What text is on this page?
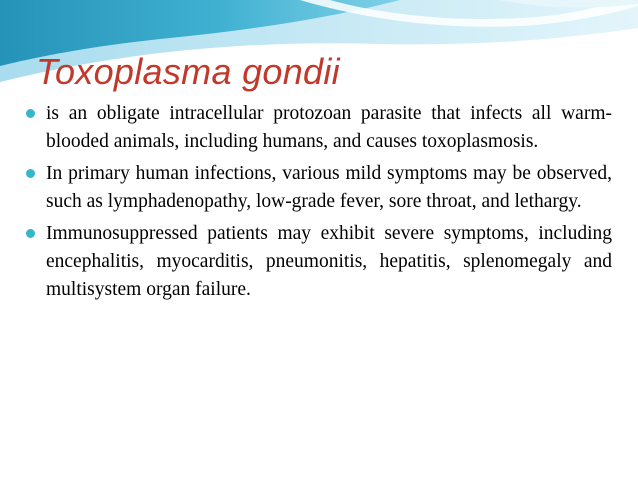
Toxoplasma gondii
is an obligate intracellular protozoan parasite that infects all warm-blooded animals, including humans, and causes toxoplasmosis.
In primary human infections, various mild symptoms may be observed, such as lymphadenopathy, low-grade fever, sore throat, and lethargy.
Immunosuppressed patients may exhibit severe symptoms, including encephalitis, myocarditis, pneumonitis, hepatitis, splenomegaly and multisystem organ failure.
